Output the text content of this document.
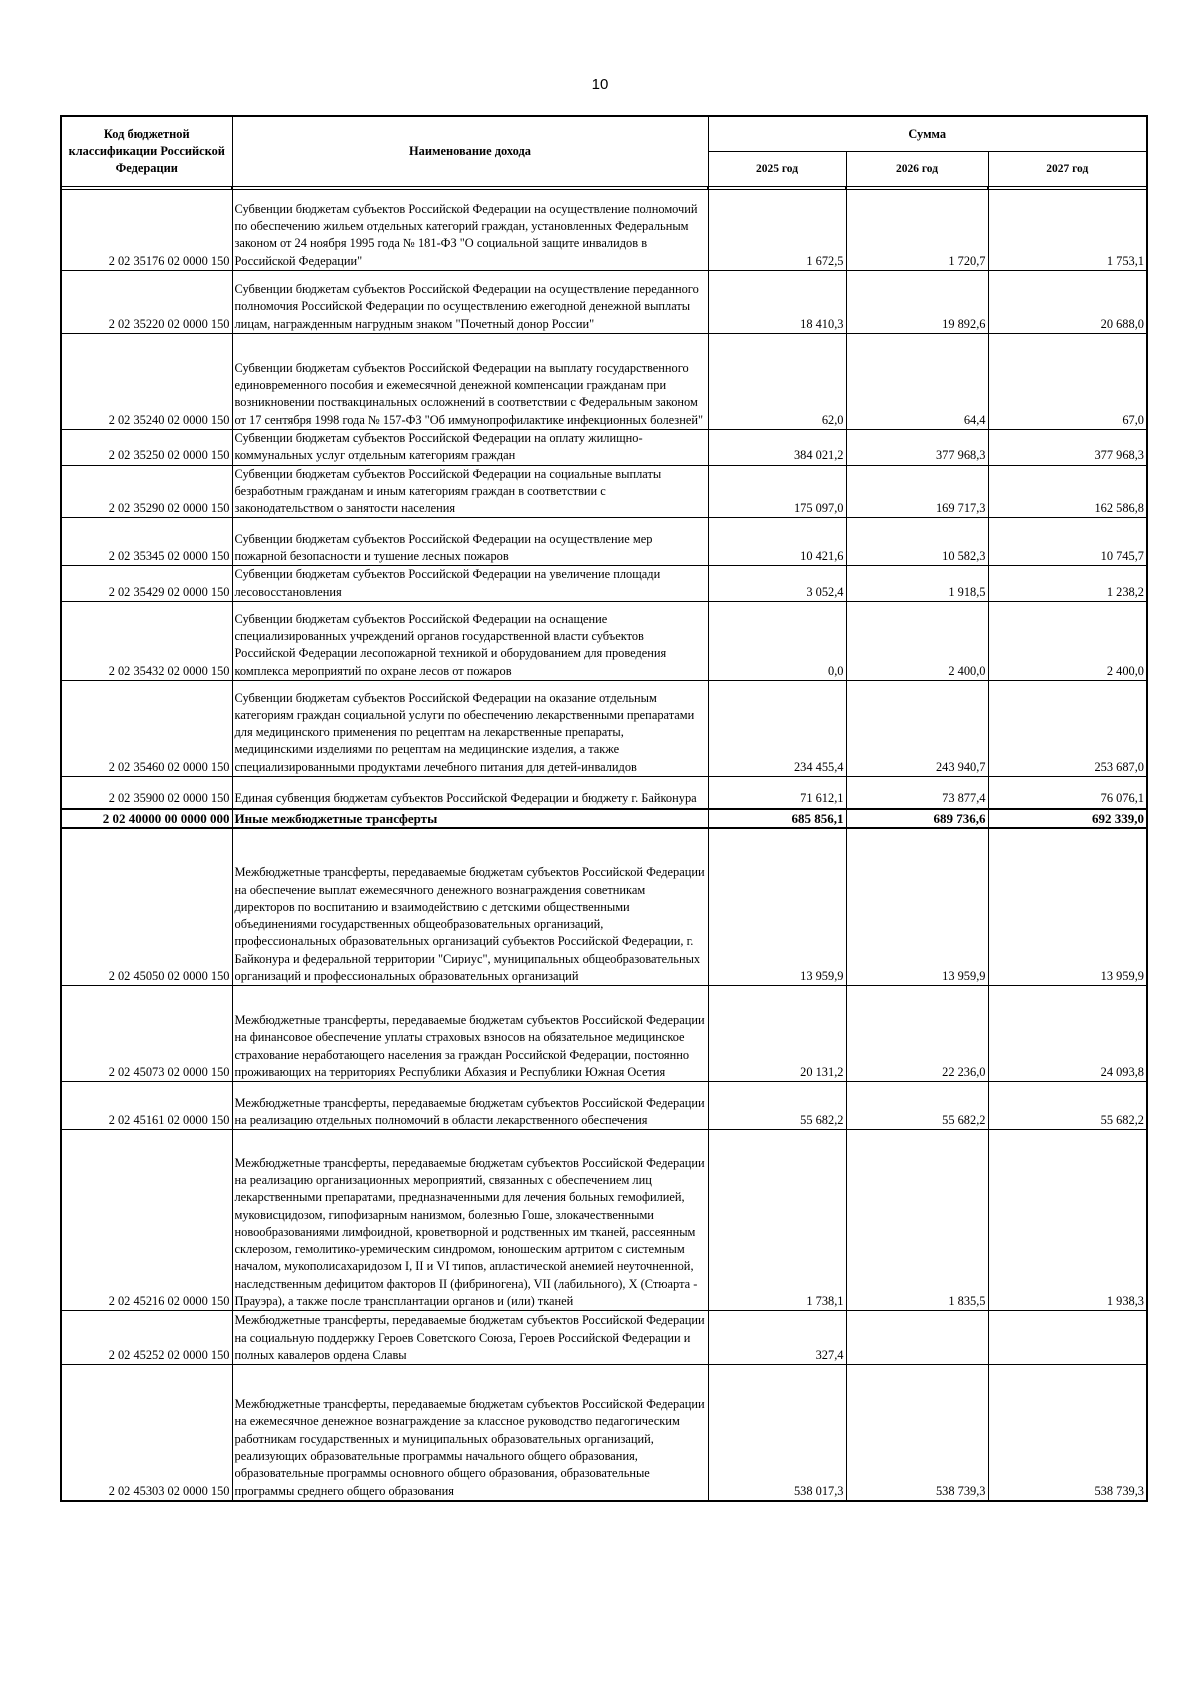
10
Код бюджетной классификации Российской Федерации	Наименование дохода	Сумма		
		2025 год	2026 год	2027 год

2 02 35176 02 0000 150	Субвенции бюджетам субъектов Российской Федерации на осуществление полномочий по обеспечению жильем отдельных категорий граждан, установленных Федеральным законом от 24 ноября 1995 года № 181-ФЗ "О социальной защите инвалидов в Российской Федерации"	1 672,5	1 720,7	1 753,1
2 02 35220 02 0000 150	Субвенции бюджетам субъектов Российской Федерации на осуществление переданного полномочия Российской Федерации по осуществлению ежегодной денежной выплаты лицам, награжденным нагрудным знаком "Почетный донор России"	18 410,3	19 892,6	20 688,0
2 02 35240 02 0000 150	Субвенции бюджетам субъектов Российской Федерации на выплату государственного единовременного пособия и ежемесячной денежной компенсации гражданам при возникновении поствакцинальных осложнений в соответствии с Федеральным законом от 17 сентября 1998 года № 157-ФЗ "Об иммунопрофилактике инфекционных болезней"	62,0	64,4	67,0
2 02 35250 02 0000 150	Субвенции бюджетам субъектов Российской Федерации на оплату жилищно-коммунальных услуг отдельным категориям граждан	384 021,2	377 968,3	377 968,3
2 02 35290 02 0000 150	Субвенции бюджетам субъектов Российской Федерации на социальные выплаты безработным гражданам и иным категориям граждан в соответствии с законодательством о занятости населения	175 097,0	169 717,3	162 586,8
2 02 35345 02 0000 150	Субвенции бюджетам субъектов Российской Федерации на осуществление мер пожарной безопасности и тушение лесных пожаров	10 421,6	10 582,3	10 745,7
2 02 35429 02 0000 150	Субвенции бюджетам субъектов Российской Федерации на увеличение площади лесовосстановления	3 052,4	1 918,5	1 238,2
2 02 35432 02 0000 150	Субвенции бюджетам субъектов Российской Федерации на оснащение специализированных учреждений органов государственной власти субъектов Российской Федерации лесопожарной техникой и оборудованием для проведения комплекса мероприятий по охране лесов от пожаров	0,0	2 400,0	2 400,0
2 02 35460 02 0000 150	Субвенции бюджетам субъектов Российской Федерации на оказание отдельным категориям граждан социальной услуги по обеспечению лекарственными препаратами для медицинского применения по рецептам на лекарственные препараты, медицинскими изделиями по рецептам на медицинские изделия, а также специализированными продуктами лечебного питания для детей-инвалидов	234 455,4	243 940,7	253 687,0
2 02 35900 02 0000 150	Единая субвенция бюджетам субъектов Российской Федерации и бюджету г. Байконура	71 612,1	73 877,4	76 076,1
2 02 40000 00 0000 000	Иные межбюджетные трансферты	685 856,1	689 736,6	692 339,0
2 02 45050 02 0000 150	Межбюджетные трансферты, передаваемые бюджетам субъектов Российской Федерации на обеспечение выплат ежемесячного денежного вознаграждения советникам директоров по воспитанию и взаимодействию с детскими общественными объединениями государственных общеобразовательных организаций, профессиональных образовательных организаций субъектов Российской Федерации, г. Байконура и федеральной территории "Сириус", муниципальных общеобразовательных организаций и профессиональных образовательных организаций	13 959,9	13 959,9	13 959,9
2 02 45073 02 0000 150	Межбюджетные трансферты, передаваемые бюджетам субъектов Российской Федерации на финансовое обеспечение уплаты страховых взносов на обязательное медицинское страхование неработающего населения за граждан Российской Федерации, постоянно проживающих на территориях Республики Абхазия и Республики Южная Осетия	20 131,2	22 236,0	24 093,8
2 02 45161 02 0000 150	Межбюджетные трансферты, передаваемые бюджетам субъектов Российской Федерации на реализацию отдельных полномочий в области лекарственного обеспечения	55 682,2	55 682,2	55 682,2
2 02 45216 02 0000 150	Межбюджетные трансферты, передаваемые бюджетам субъектов Российской Федерации на реализацию организационных мероприятий, связанных с обеспечением лиц лекарственными препаратами, предназначенными для лечения больных гемофилией, муковисцидозом, гипофизарным нанизмом, болезнью Гоше, злокачественными новообразованиями лимфоидной, кроветворной и родственных им тканей, рассеянным склерозом, гемолитико-уремическим синдромом, юношеским артритом с системным началом, мукополисахаридозом I, II и VI типов, апластической анемией неуточненной, наследственным дефицитом факторов II (фибриногена), VII (лабильного), X (Стюарта - Прауэра), а также после трансплантации органов и (или) тканей	1 738,1	1 835,5	1 938,3
2 02 45252 02 0000 150	Межбюджетные трансферты, передаваемые бюджетам субъектов Российской Федерации на социальную поддержку Героев Советского Союза, Героев Российской Федерации и полных кавалеров ордена Славы	327,4		
2 02 45303 02 0000 150	Межбюджетные трансферты, передаваемые бюджетам субъектов Российской Федерации на ежемесячное денежное вознаграждение за классное руководство педагогическим работникам государственных и муниципальных образовательных организаций, реализующих образовательные программы начального общего образования, образовательные программы основного общего образования, образовательные программы среднего общего образования	538 017,3	538 739,3	538 739,3
